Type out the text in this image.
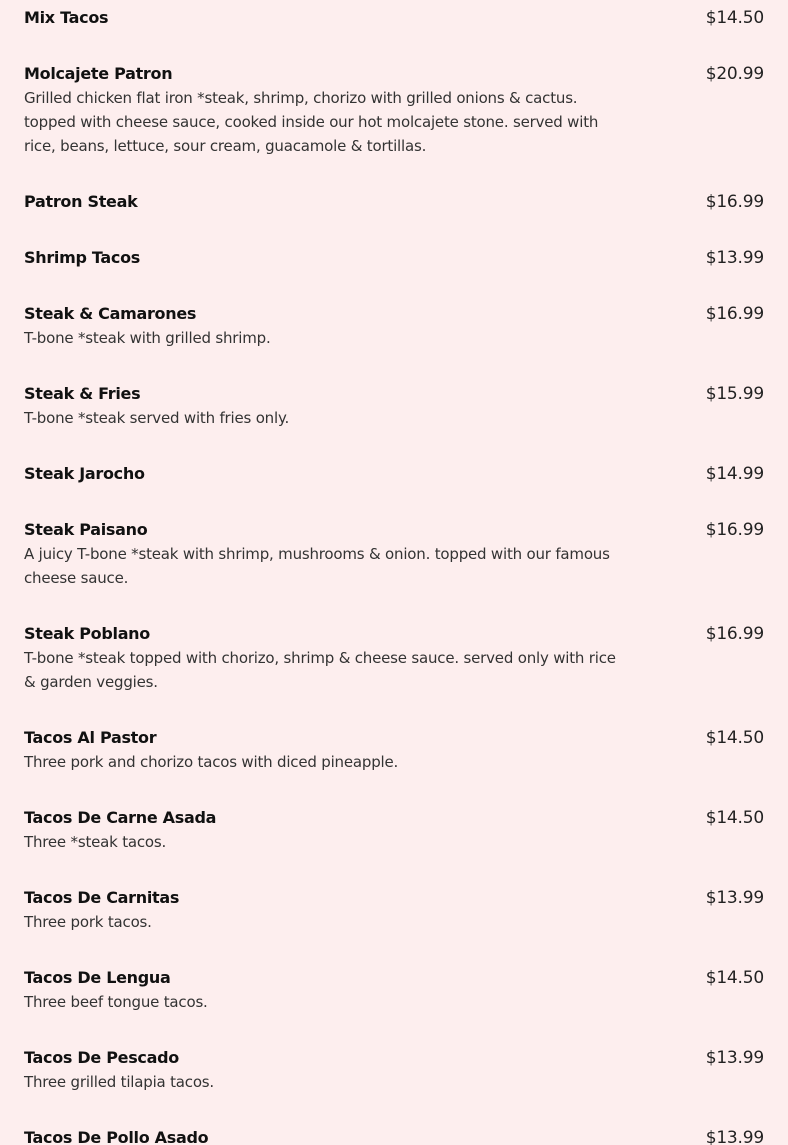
Mix Tacos	$14.50
Molcajete Patron	$20.99
Grilled chicken flat iron *steak, shrimp, chorizo with grilled onions & cactus. topped with cheese sauce, cooked inside our hot molcajete stone. served with rice, beans, lettuce, sour cream, guacamole & tortillas.
Patron Steak	$16.99
Shrimp Tacos	$13.99
Steak & Camarones	$16.99
T-bone *steak with grilled shrimp.
Steak & Fries	$15.99
T-bone *steak served with fries only.
Steak Jarocho	$14.99
Steak Paisano	$16.99
A juicy T-bone *steak with shrimp, mushrooms & onion. topped with our famous cheese sauce.
Steak Poblano	$16.99
T-bone *steak topped with chorizo, shrimp & cheese sauce. served only with rice & garden veggies.
Tacos Al Pastor	$14.50
Three pork and chorizo tacos with diced pineapple.
Tacos De Carne Asada	$14.50
Three *steak tacos.
Tacos De Carnitas	$13.99
Three pork tacos.
Tacos De Lengua	$14.50
Three beef tongue tacos.
Tacos De Pescado	$13.99
Three grilled tilapia tacos.
Tacos De Pollo Asado	$13.99
